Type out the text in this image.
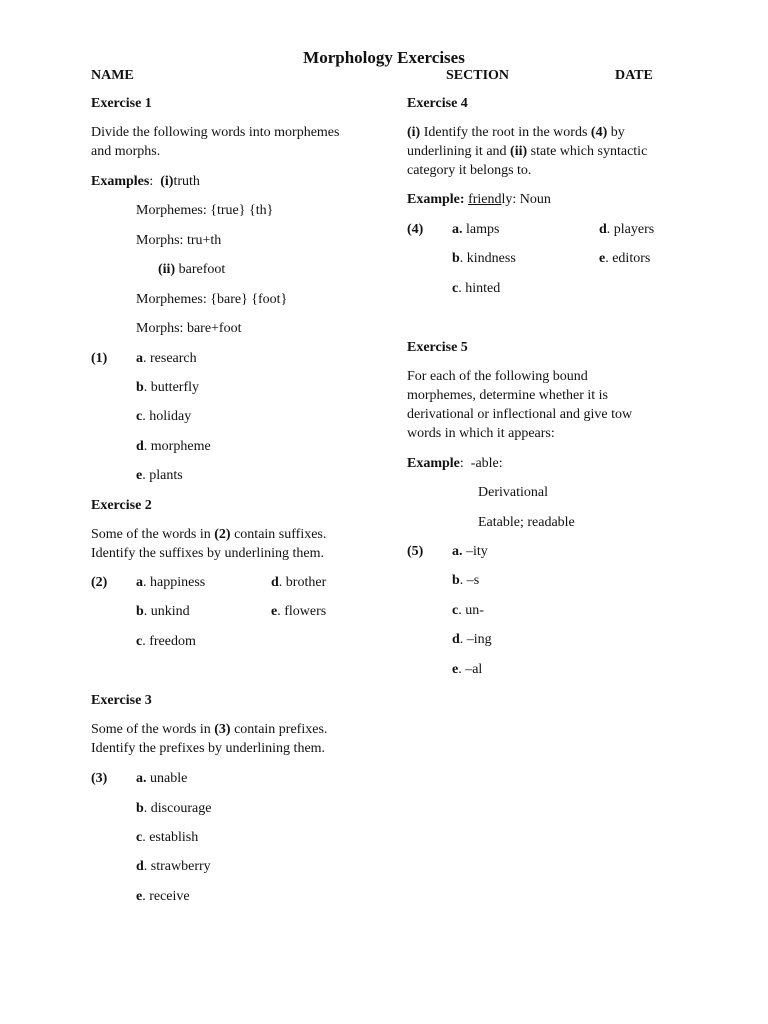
Morphology Exercises
NAME	SECTION	DATE
Exercise 1
Divide the following words into morphemes
and morphs.
Examples: (i)truth
Morphemes: {true} {th}
Morphs: tru+th
(ii) barefoot
Morphemes: {bare} {foot}
Morphs: bare+foot
(1) a. research
b. butterfly
c. holiday
d. morpheme
e. plants
Exercise 2
Some of the words in (2) contain suffixes.
Identify the suffixes by underlining them.
(2) a. happiness
b. unkind
c. freedom
d. brother
e. flowers
Exercise 3
Some of the words in (3) contain prefixes.
Identify the prefixes by underlining them.
(3) a. unable
b. discourage
c. establish
d. strawberry
e. receive
Exercise 4
(i) Identify the root in the words (4) by
underlining it and (ii) state which syntactic
category it belongs to.
Example: friendly: Noun
(4) a. lamps
b. kindness
c. hinted
d. players
e. editors
Exercise 5
For each of the following bound
morphemes, determine whether it is
derivational or inflectional and give tow
words in which it appears:
Example: -able:
Derivational
Eatable; readable
(5) a. –ity
b. –s
c. un-
d. –ing
e. –al
